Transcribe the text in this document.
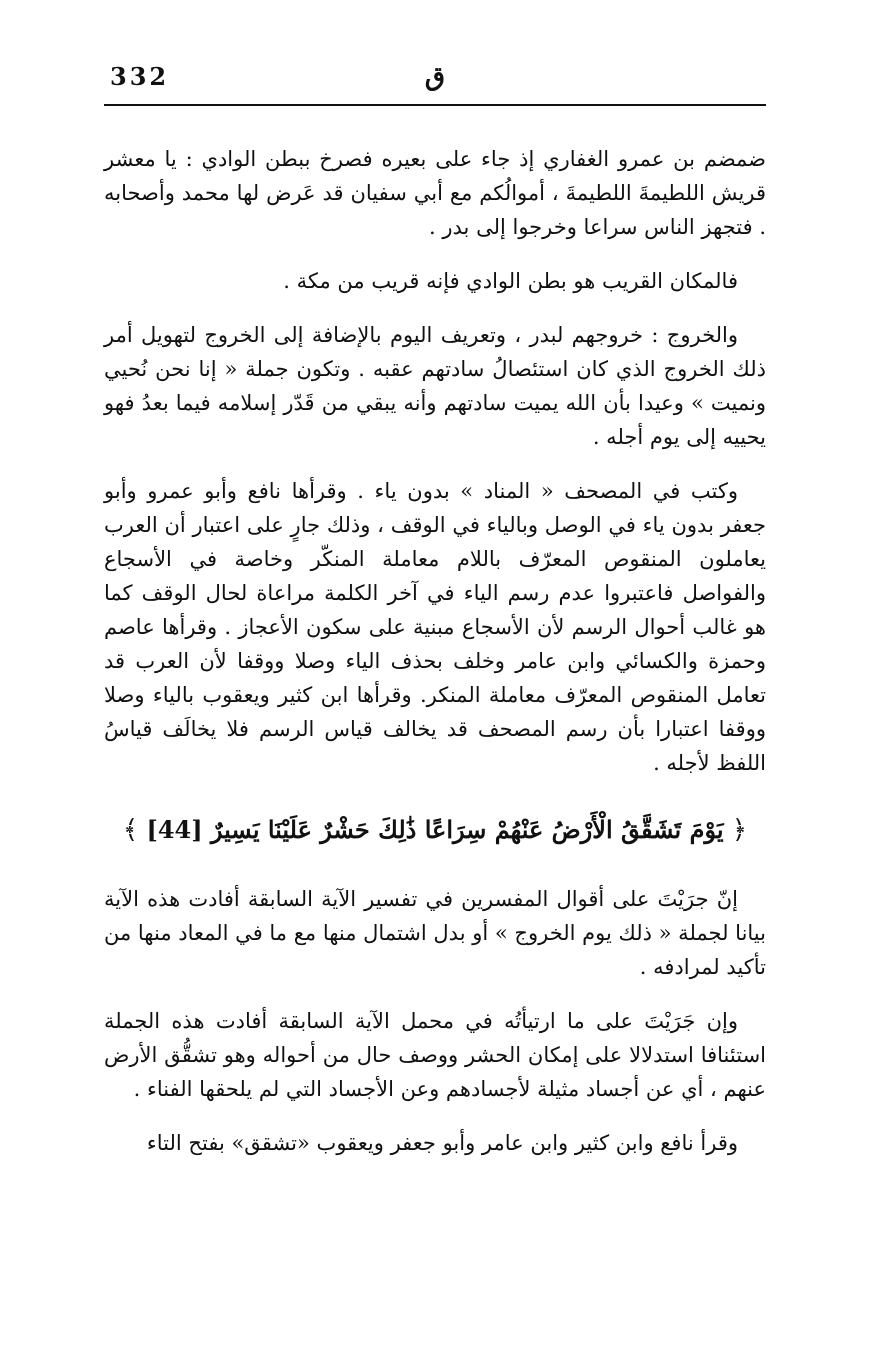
332	ق

ضمضم بن عمرو الغفاري إذ جاء على بعيره فصرخ ببطن الوادي : يا معشر قريش اللطيمةَ اللطيمةَ ، أموالُكم مع أبي سفيان قد عَرض لها محمد وأصحابه . فتجهز الناس سراعا وخرجوا إلى بدر .

فالمكان القريب هو بطن الوادي فإنه قريب من مكة .

والخروج : خروجهم لبدر ، وتعريف اليوم بالإضافة إلى الخروج لتهويل أمر ذلك الخروج الذي كان استئصالُ سادتهم عقبه . وتكون جملة « إنا نحن نُحيي ونميت » وعيدا بأن الله يميت سادتهم وأنه يبقي من قَدّر إسلامه فيما بعدُ فهو يحييه إلى يوم أجله .

وكتب في المصحف « المناد » بدون ياء . وقرأها نافع وأبو عمرو وأبو جعفر بدون ياء في الوصل وبالياء في الوقف ، وذلك جارٍ على اعتبار أن العرب يعاملون المنقوص المعرّف باللام معاملة المنكّر وخاصة في الأسجاع والفواصل فاعتبروا عدم رسم الياء في آخر الكلمة مراعاة لحال الوقف كما هو غالب أحوال الرسم لأن الأسجاع مبنية على سكون الأعجاز . وقرأها عاصم وحمزة والكسائي وابن عامر وخلف بحذف الياء وصلا ووقفا لأن العرب قد تعامل المنقوص المعرّف معاملة المنكر. وقرأها ابن كثير ويعقوب بالياء وصلا ووقفا اعتبارا بأن رسم المصحف قد يخالف قياس الرسم فلا يخالَف قياسُ اللفظ لأجله .

﴿ يَوْمَ تَشَقَّقُ الْأَرْضُ عَنْهُمْ سِرَاعًا ذَٰلِكَ حَشْرٌ عَلَيْنَا يَسِيرٌ [44] ﴾

إنّ جرَيْتَ على أقوال المفسرين في تفسير الآية السابقة أفادت هذه الآية بيانا لجملة « ذلك يوم الخروج » أو بدل اشتمال منها مع ما في المعاد منها من تأكيد لمرادفه .

وإن جَرَيْتَ على ما ارتيأتُه في محمل الآية السابقة أفادت هذه الجملة استئنافا استدلالا على إمكان الحشر ووصف حال من أحواله وهو تشقُّق الأرض عنهم ، أي عن أجساد مثيلة لأجسادهم وعن الأجساد التي لم يلحقها الفناء .

وقرأ نافع وابن كثير وابن عامر وأبو جعفر ويعقوب «تشقق» بفتح التاء
